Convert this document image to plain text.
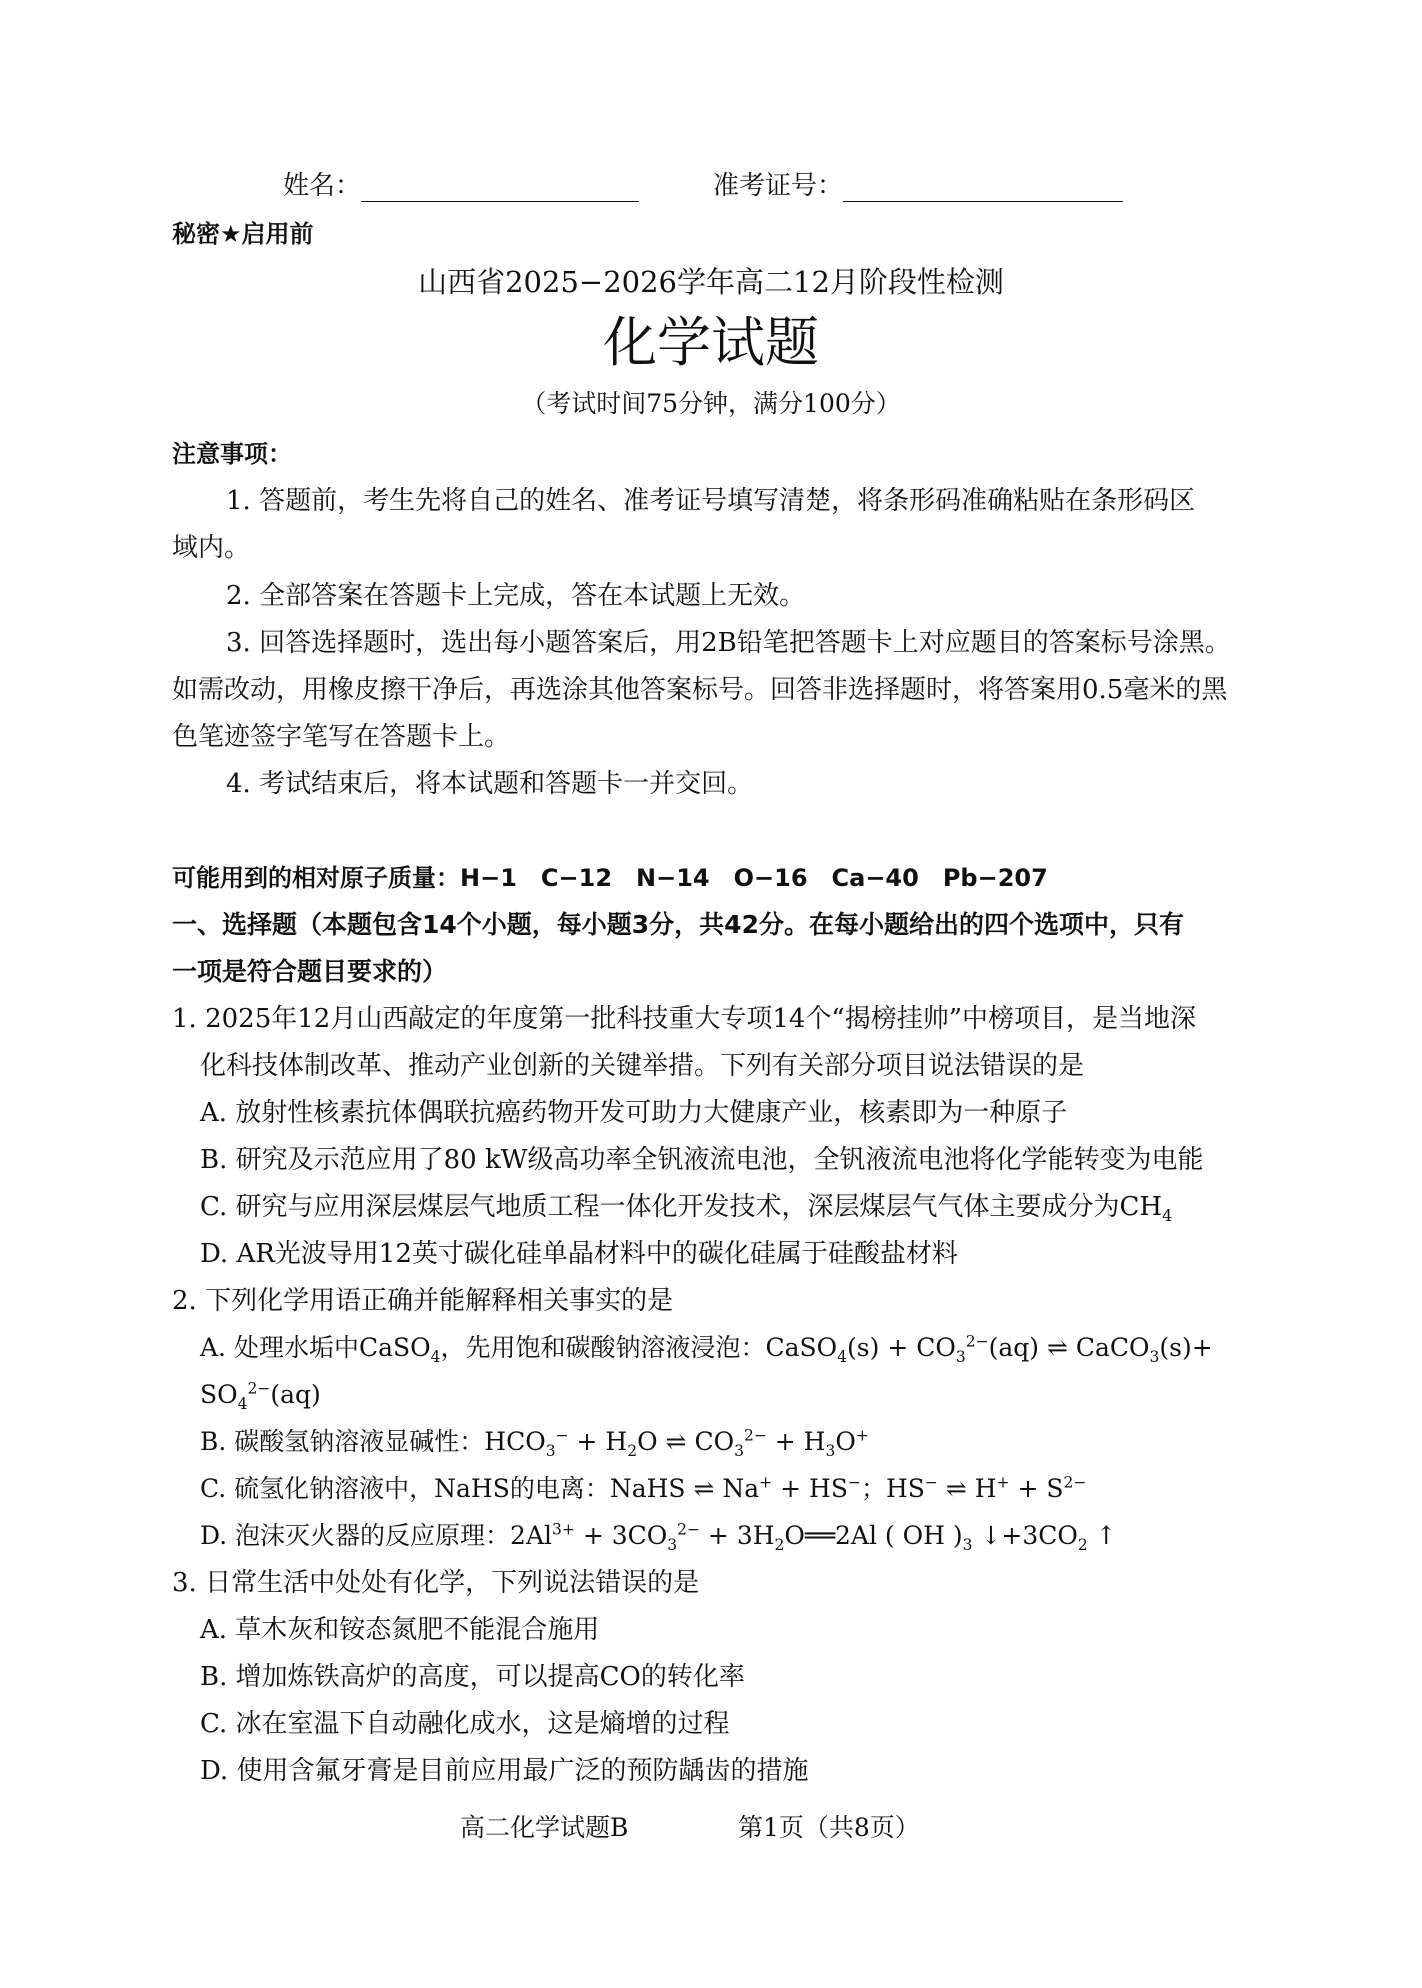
姓名：	准考证号：
秘密★启用前
山西省2025−2026学年高二12月阶段性检测
化学试题
（考试时间75分钟，满分100分）
注意事项：
1. 答题前，考生先将自己的姓名、准考证号填写清楚，将条形码准确粘贴在条形码区
域内。
2. 全部答案在答题卡上完成，答在本试题上无效。
3. 回答选择题时，选出每小题答案后，用2B铅笔把答题卡上对应题目的答案标号涂黑。
如需改动，用橡皮擦干净后，再选涂其他答案标号。回答非选择题时，将答案用0.5毫米的黑
色笔迹签字笔写在答题卡上。
4. 考试结束后，将本试题和答题卡一并交回。
可能用到的相对原子质量：H−1　C−12　N−14　O−16　Ca−40　Pb−207
一、选择题（本题包含14个小题，每小题3分，共42分。在每小题给出的四个选项中，只有
一项是符合题目要求的）
1. 2025年12月山西敲定的年度第一批科技重大专项14个“揭榜挂帅”中榜项目，是当地深
化科技体制改革、推动产业创新的关键举措。下列有关部分项目说法错误的是
A. 放射性核素抗体偶联抗癌药物开发可助力大健康产业，核素即为一种原子
B. 研究及示范应用了80 kW级高功率全钒液流电池，全钒液流电池将化学能转变为电能
C. 研究与应用深层煤层气地质工程一体化开发技术，深层煤层气气体主要成分为$CH_4$
D. AR光波导用12英寸碳化硅单晶材料中的碳化硅属于硅酸盐材料
2. 下列化学用语正确并能解释相关事实的是
A. 处理水垢中CaSO$_4$，先用饱和碳酸钠溶液浸泡：CaSO$_4$(s) + $CO_3^{2-}(aq)$ ⇌ CaCO$_3$(s)+
$SO_4^{2-}(aq)$
B. 碳酸氢钠溶液显碱性：$HCO_3^- + H_2O$ ⇌ $CO_3^{2-} + H_3O^+$
C. 硫氢化钠溶液中，NaHS的电离：NaHS ⇌ Na+ + HS−；HS− ⇌ $H^+ + S^{2-}$
D. 泡沫灭火器的反应原理：$2Al^{3+} + 3CO_3^{2-}$ + $3H_2O══2Al$ ( OH )$_3$ $↓+3CO_2$ ↑
3. 日常生活中处处有化学，下列说法错误的是
A. 草木灰和铵态氮肥不能混合施用
B. 增加炼铁高炉的高度，可以提高CO的转化率
C. 冰在室温下自动融化成水，这是熵增的过程
D. 使用含氟牙膏是目前应用最广泛的预防龋齿的措施
高二化学试题B	第1页（共8页）
